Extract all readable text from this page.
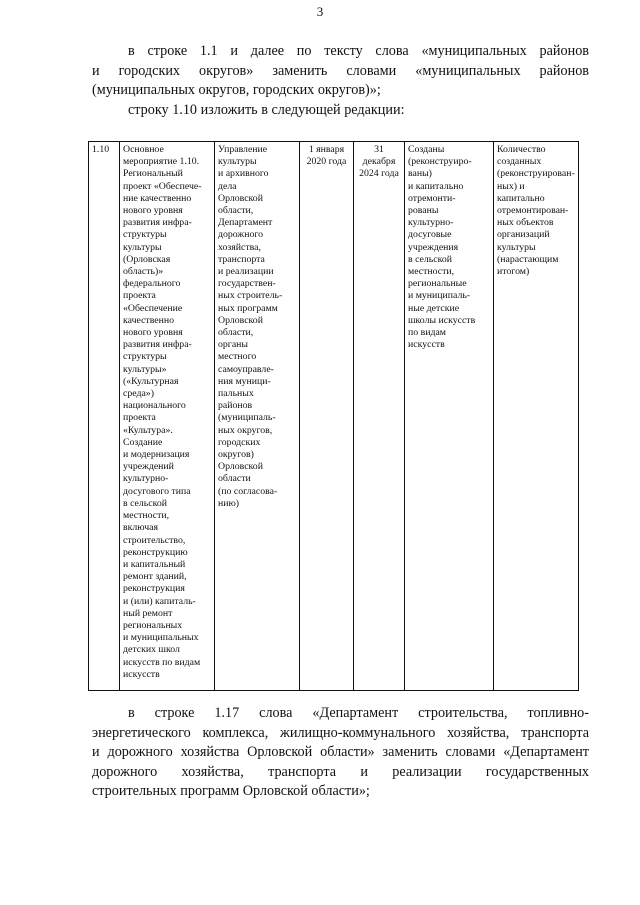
3
в строке 1.1 и далее по тексту слова «муниципальных районов
и городских округов» заменить словами «муниципальных районов
(муниципальных округов, городских округов)»;
строку 1.10 изложить в следующей редакции:
1.10	Основное
мероприятие 1.10.
Региональный
проект «Обеспече-
ние качественно
нового уровня
развития инфра-
структуры
культуры
(Орловская
область)»
федерального
проекта
«Обеспечение
качественно
нового уровня
развития инфра-
структуры
культуры»
(«Культурная
среда»)
национального
проекта
«Культура».
Создание
и модернизация
учреждений
культурно-
досугового типа
в сельской
местности,
включая
строительство,
реконструкцию
и капитальный
ремонт зданий,
реконструкция
и (или) капиталь-
ный ремонт
региональных
и муниципальных
детских школ
искусств по видам
искусств	Управление
культуры
и архивного
дела
Орловской
области,
Департамент
дорожного
хозяйства,
транспорта
и реализации
государствен-
ных строитель-
ных программ
Орловской
области,
органы
местного
самоуправле-
ния муници-
пальных
районов
(муниципаль-
ных округов,
городских
округов)
Орловской
области
(по согласова-
нию)	1 января
2020 года	31 декабря
2024 года	Созданы
(реконструиро-
ваны)
и капитально
отремонти-
рованы
культурно-
досуговые
учреждения
в сельской
местности,
региональные
и муниципаль-
ные детские
школы искусств
по видам
искусств	Количество
созданных
(реконструирован-
ных) и капитально
отремонтирован-
ных объектов
организаций
культуры
(нарастающим
итогом)
в строке 1.17 слова «Департамент строительства, топливно-
энергетического комплекса, жилищно-коммунального хозяйства, транспорта
и дорожного хозяйства Орловской области» заменить словами «Департамент
дорожного хозяйства, транспорта и реализации государственных
строительных программ Орловской области»;
